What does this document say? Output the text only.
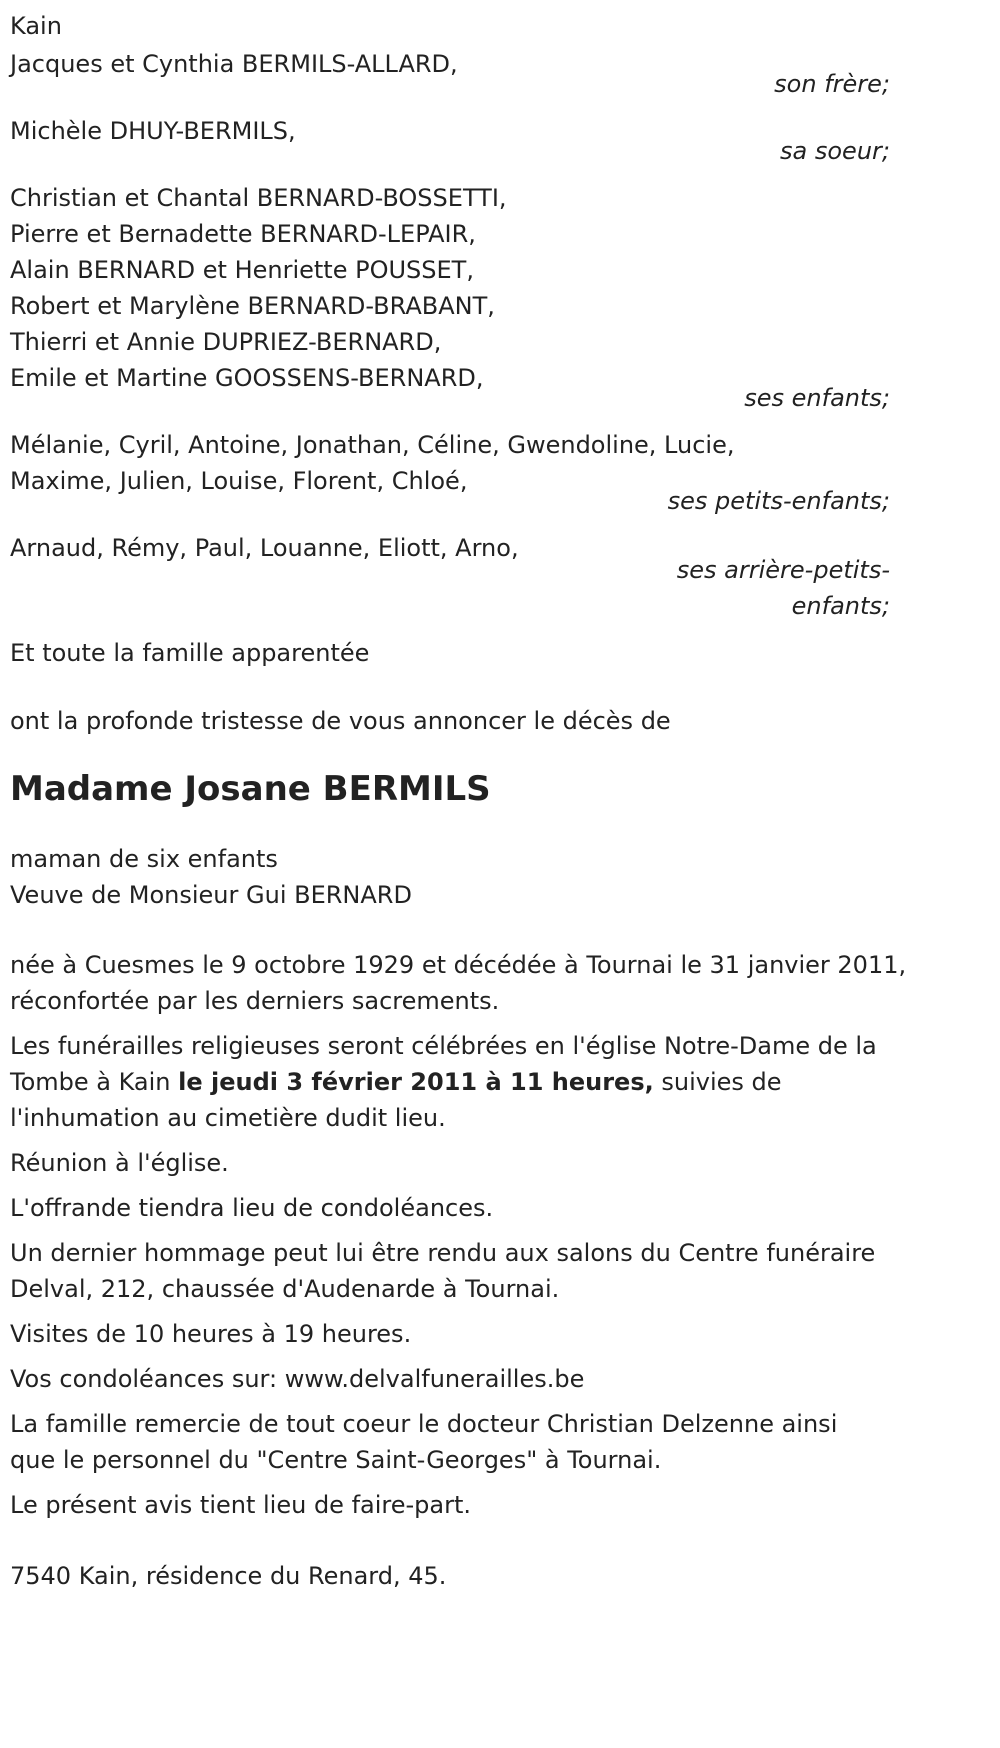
Kain
Jacques et Cynthia BERMILS-ALLARD,
son frère;
Michèle DHUY-BERMILS,
sa soeur;
Christian et Chantal BERNARD-BOSSETTI,
Pierre et Bernadette BERNARD-LEPAIR,
Alain BERNARD et Henriette POUSSET,
Robert et Marylène BERNARD-BRABANT,
Thierri et Annie DUPRIEZ-BERNARD,
Emile et Martine GOOSSENS-BERNARD,
ses enfants;
Mélanie, Cyril, Antoine, Jonathan, Céline, Gwendoline, Lucie,
Maxime, Julien, Louise, Florent, Chloé,
ses petits-enfants;
Arnaud, Rémy, Paul, Louanne, Eliott, Arno,
ses arrière-petits-
enfants;
Et toute la famille apparentée
ont la profonde tristesse de vous annoncer le décès de
Madame Josane BERMILS
maman de six enfants
Veuve de Monsieur Gui BERNARD
née à Cuesmes le 9 octobre 1929 et décédée à Tournai le 31 janvier 2011,
réconfortée par les derniers sacrements.

Les funérailles religieuses seront célébrées en l'église Notre-Dame de la Tombe à Kain le jeudi 3 février 2011 à 11 heures, suivies de l'inhumation au cimetière dudit lieu.

Réunion à l'église.

L'offrande tiendra lieu de condoléances.

Un dernier hommage peut lui être rendu aux salons du Centre funéraire Delval, 212, chaussée d'Audenarde à Tournai.

Visites de 10 heures à 19 heures.

Vos condoléances sur: www.delvalfunerailles.be

La famille remercie de tout coeur le docteur Christian Delzenne ainsi que le personnel du "Centre Saint-Georges" à Tournai.

Le présent avis tient lieu de faire-part.

7540 Kain, résidence du Renard, 45.
